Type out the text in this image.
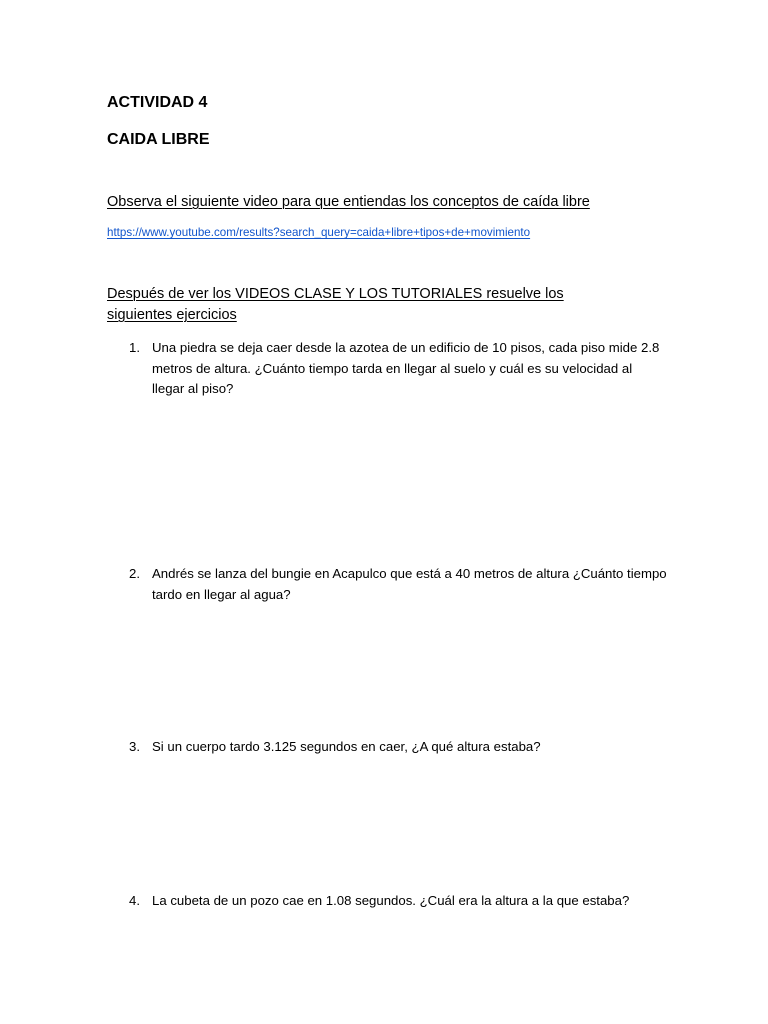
ACTIVIDAD 4
CAIDA LIBRE

Observa el siguiente video para que entiendas los conceptos de caída libre

https://www.youtube.com/results?search_query=caida+libre+tipos+de+movimiento

Después de ver los VIDEOS CLASE Y LOS TUTORIALES resuelve los siguientes ejercicios

1. Una piedra se deja caer desde la azotea de un edificio de 10 pisos, cada piso mide 2.8 metros de altura. ¿Cuánto tiempo tarda en llegar al suelo y cuál es su velocidad al llegar al piso?
2. Andrés se lanza del bungie en Acapulco que está a 40 metros de altura ¿Cuánto tiempo tardo en llegar al agua?
3. Si un cuerpo tardo 3.125 segundos en caer, ¿A qué altura estaba?
4. La cubeta de un pozo cae en 1.08 segundos. ¿Cuál era la altura a la que estaba?
